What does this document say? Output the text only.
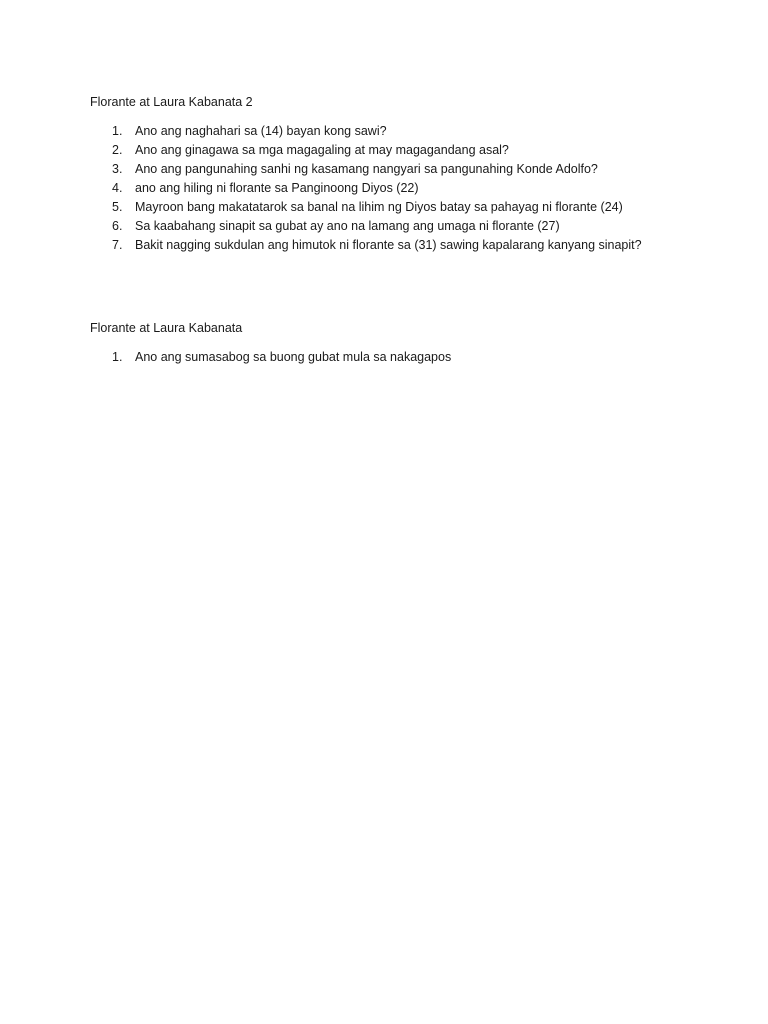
Florante at Laura Kabanata 2

1.	Ano ang naghahari sa (14) bayan kong sawi?
2.	Ano ang ginagawa sa mga magagaling at may magagandang asal?
3.	Ano ang pangunahing sanhi ng kasamang nangyari sa pangunahing Konde Adolfo?
4.	ano ang hiling ni florante sa Panginoong Diyos (22)
5.	Mayroon bang makatatarok sa banal na lihim ng Diyos batay sa pahayag ni florante (24)
6.	Sa kaabahang sinapit sa gubat ay ano na lamang ang umaga ni florante (27)
7.	Bakit nagging sukdulan ang himutok ni florante sa (31) sawing kapalarang kanyang sinapit?

Florante at Laura Kabanata

1.	Ano ang sumasabog sa buong gubat mula sa nakagapos
